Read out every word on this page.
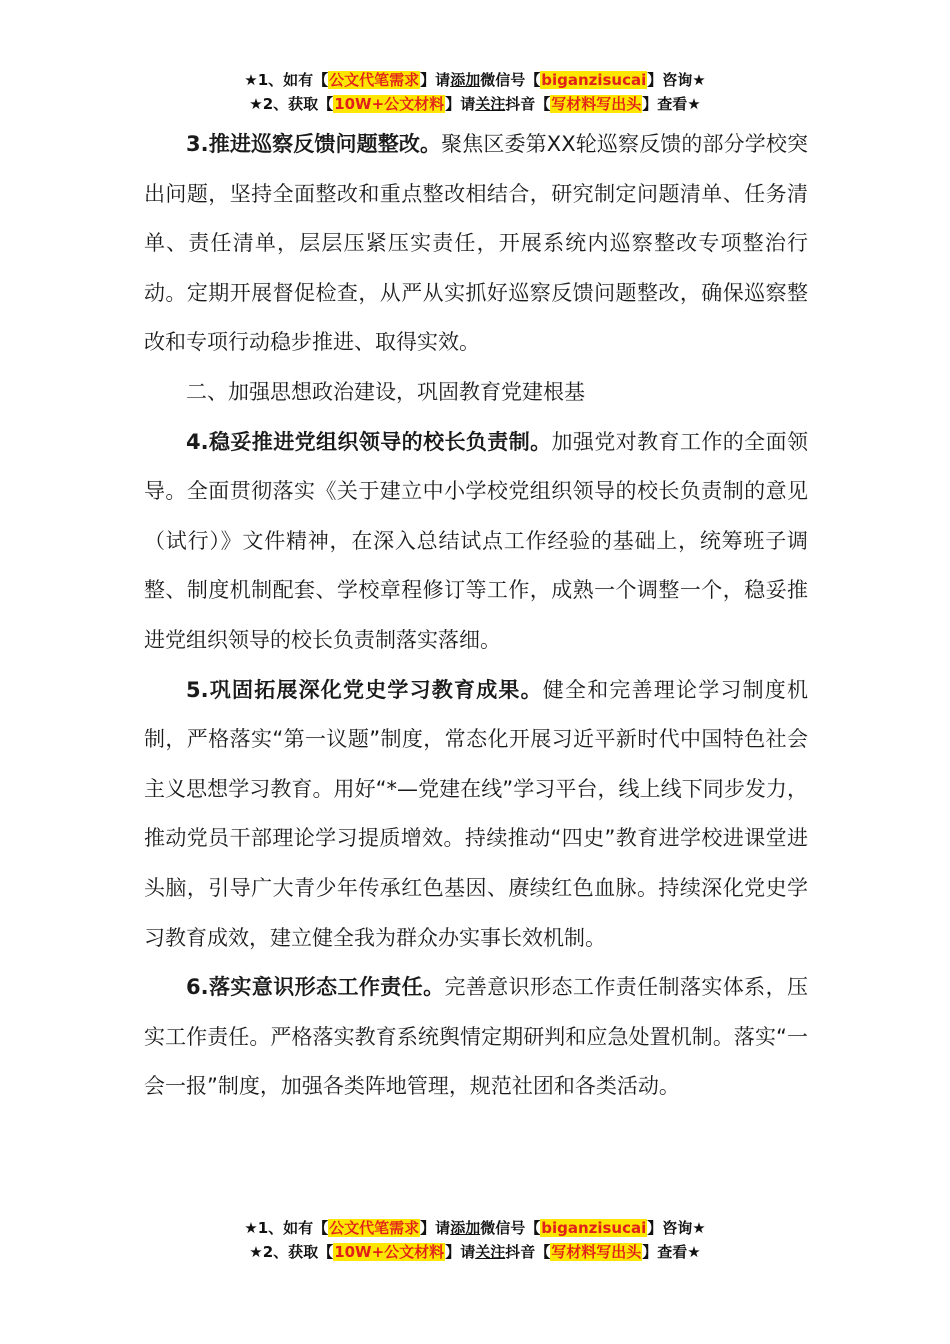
★1、如有【公文代笔需求】请添加微信号【biganzisucai】咨询★
★2、获取【10W+公文材料】请关注抖音【写材料写出头】查看★

3.推进巡察反馈问题整改。聚焦区委第XX轮巡察反馈的部分学校突出问题，坚持全面整改和重点整改相结合，研究制定问题清单、任务清单、责任清单，层层压紧压实责任，开展系统内巡察整改专项整治行动。定期开展督促检查，从严从实抓好巡察反馈问题整改，确保巡察整改和专项行动稳步推进、取得实效。

二、加强思想政治建设，巩固教育党建根基

4.稳妥推进党组织领导的校长负责制。加强党对教育工作的全面领导。全面贯彻落实《关于建立中小学校党组织领导的校长负责制的意见（试行）》文件精神，在深入总结试点工作经验的基础上，统筹班子调整、制度机制配套、学校章程修订等工作，成熟一个调整一个，稳妥推进党组织领导的校长负责制落实落细。

5.巩固拓展深化党史学习教育成果。健全和完善理论学习制度机制，严格落实“第一议题”制度，常态化开展习近平新时代中国特色社会主义思想学习教育。用好“*—党建在线”学习平台，线上线下同步发力，推动党员干部理论学习提质增效。持续推动“四史”教育进学校进课堂进头脑，引导广大青少年传承红色基因、赓续红色血脉。持续深化党史学习教育成效，建立健全我为群众办实事长效机制。

6.落实意识形态工作责任。完善意识形态工作责任制落实体系，压实工作责任。严格落实教育系统舆情定期研判和应急处置机制。落实“一会一报”制度，加强各类阵地管理，规范社团和各类活动。

★1、如有【公文代笔需求】请添加微信号【biganzisucai】咨询★
★2、获取【10W+公文材料】请关注抖音【写材料写出头】查看★
